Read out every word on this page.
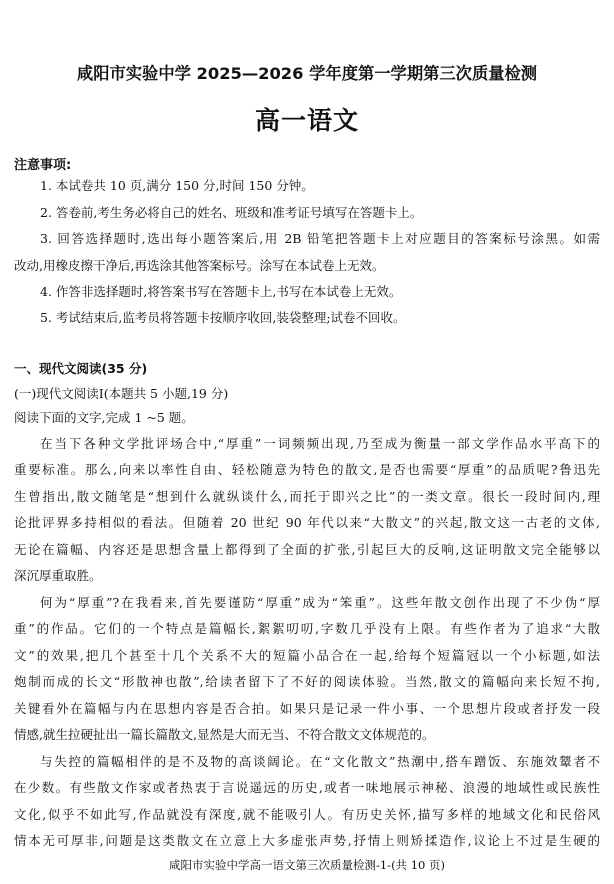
咸阳市实验中学 2025—2026 学年度第一学期第三次质量检测
高一语文
注意事项:
1. 本试卷共 10 页,满分 150 分,时间 150 分钟。
2. 答卷前,考生务必将自己的姓名、班级和准考证号填写在答题卡上。
3. 回答选择题时,选出每小题答案后,用 2B 铅笔把答题卡上对应题目的答案标号涂黑。如需
改动,用橡皮擦干净后,再选涂其他答案标号。涂写在本试卷上无效。
4. 作答非选择题时,将答案书写在答题卡上,书写在本试卷上无效。
5. 考试结束后,监考员将答题卡按顺序收回,装袋整理;试卷不回收。
一、现代文阅读(35 分)
(一)现代文阅读Ⅰ(本题共 5 小题,19 分)
阅读下面的文字,完成 1 ~5 题。
在当下各种文学批评场合中,“厚重”一词频频出现,乃至成为衡量一部文学作品水平高下的
重要标准。那么,向来以率性自由、轻松随意为特色的散文,是否也需要“厚重”的品质呢?鲁迅先
生曾指出,散文随笔是“想到什么就纵谈什么,而托于即兴之比”的一类文章。很长一段时间内,理
论批评界多持相似的看法。但随着 20 世纪 90 年代以来“大散文”的兴起,散文这一古老的文体,
无论在篇幅、内容还是思想含量上都得到了全面的扩张,引起巨大的反响,这证明散文完全能够以
深沉厚重取胜。
何为“厚重”?在我看来,首先要谨防“厚重”成为“笨重”。这些年散文创作出现了不少伪“厚
重”的作品。它们的一个特点是篇幅长,絮絮叨叨,字数几乎没有上限。有些作者为了追求“大散
文”的效果,把几个甚至十几个关系不大的短篇小品合在一起,给每个短篇冠以一个小标题,如法
炮制而成的长文“形散神也散”,给读者留下了不好的阅读体验。当然,散文的篇幅向来长短不拘,
关键看外在篇幅与内在思想内容是否合拍。如果只是记录一件小事、一个思想片段或者抒发一段
情感,就生拉硬扯出一篇长篇散文,显然是大而无当、不符合散文文体规范的。
与失控的篇幅相伴的是不及物的高谈阔论。在“文化散文”热潮中,搭车蹭饭、东施效颦者不
在少数。有些散文作家或者热衷于言说遥远的历史,或者一味地展示神秘、浪漫的地域性或民族性
文化,似乎不如此写,作品就没有深度,就不能吸引人。有历史关怀,描写多样的地域文化和民俗风
情本无可厚非,问题是这类散文在立意上大多虚张声势,抒情上则矫揉造作,议论上不过是生硬的
咸阳市实验中学高一语文第三次质量检测-1-(共 10 页)
